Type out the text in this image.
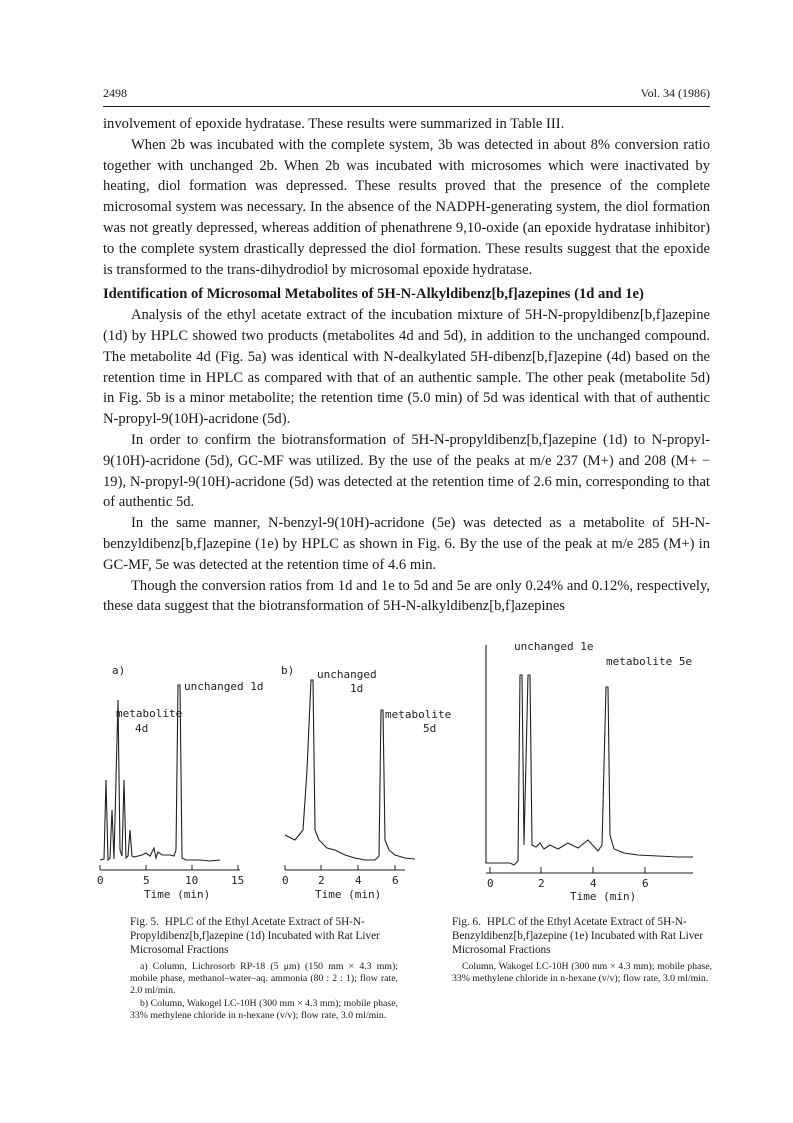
2498	Vol. 34 (1986)

involvement of epoxide hydratase. These results were summarized in Table III.

When 2b was incubated with the complete system, 3b was detected in about 8% conversion ratio together with unchanged 2b. When 2b was incubated with microsomes which were inactivated by heating, diol formation was depressed. These results proved that the presence of the complete microsomal system was necessary. In the absence of the NADPH-generating system, the diol formation was not greatly depressed, whereas addition of phenathrene 9,10-oxide (an epoxide hydratase inhibitor) to the complete system drastically depressed the diol formation. These results suggest that the epoxide is transformed to the trans-dihydrodiol by microsomal epoxide hydratase.

Identification of Microsomal Metabolites of 5H-N-Alkyldibenz[b,f]azepines (1d and 1e)

Analysis of the ethyl acetate extract of the incubation mixture of 5H-N-propyldibenz[b,f]azepine (1d) by HPLC showed two products (metabolites 4d and 5d), in addition to the unchanged compound. The metabolite 4d (Fig. 5a) was identical with N-dealkylated 5H-dibenz[b,f]azepine (4d) based on the retention time in HPLC as compared with that of an authentic sample. The other peak (metabolite 5d) in Fig. 5b is a minor metabolite; the retention time (5.0 min) of 5d was identical with that of authentic N-propyl-9(10H)-acridone (5d).

In order to confirm the biotransformation of 5H-N-propyldibenz[b,f]azepine (1d) to N-propyl-9(10H)-acridone (5d), GC-MF was utilized. By the use of the peaks at m/e 237 (M+) and 208 (M+ − 19), N-propyl-9(10H)-acridone (5d) was detected at the retention time of 2.6 min, corresponding to that of authentic 5d.

In the same manner, N-benzyl-9(10H)-acridone (5e) was detected as a metabolite of 5H-N-benzyldibenz[b,f]azepine (1e) by HPLC as shown in Fig. 6. By the use of the peak at m/e 285 (M+) in GC-MF, 5e was detected at the retention time of 4.6 min.

Though the conversion ratios from 1d and 1e to 5d and 5e are only 0.24% and 0.12%, respectively, these data suggest that the biotransformation of 5H-N-alkyldibenz[b,f]azepines

a)
unchanged 1d
metabolite
4d
0	5	10	15
Time (min)
b) unchanged
1d
metabolite
5d
0	2	4	6
Time (min)
unchanged 1e
metabolite 5e
0	2	4	6
Time (min)
Fig. 5. HPLC of the Ethyl Acetate Extract of 5H-N-Propyldibenz[b,f]azepine (1d) Incubated with Rat Liver Microsomal Fractions
a) Column, Lichrosorb RP-18 (5 μm) (150 mm × 4.3 mm); mobile phase, methanol–water–aq. ammonia (80 : 2 : 1); flow rate, 2.0 ml/min.
b) Column, Wakogel LC-10H (300 mm × 4.3 mm); mobile phase, 33% methylene chloride in n-hexane (v/v); flow rate, 3.0 ml/min.
Fig. 6. HPLC of the Ethyl Acetate Extract of 5H-N-Benzyldibenz[b,f]azepine (1e) Incubated with Rat Liver Microsomal Fractions
Column, Wakogel LC-10H (300 mm × 4.3 mm); mobile phase, 33% methylene chloride in n-hexane (v/v); flow rate, 3.0 ml/min.
